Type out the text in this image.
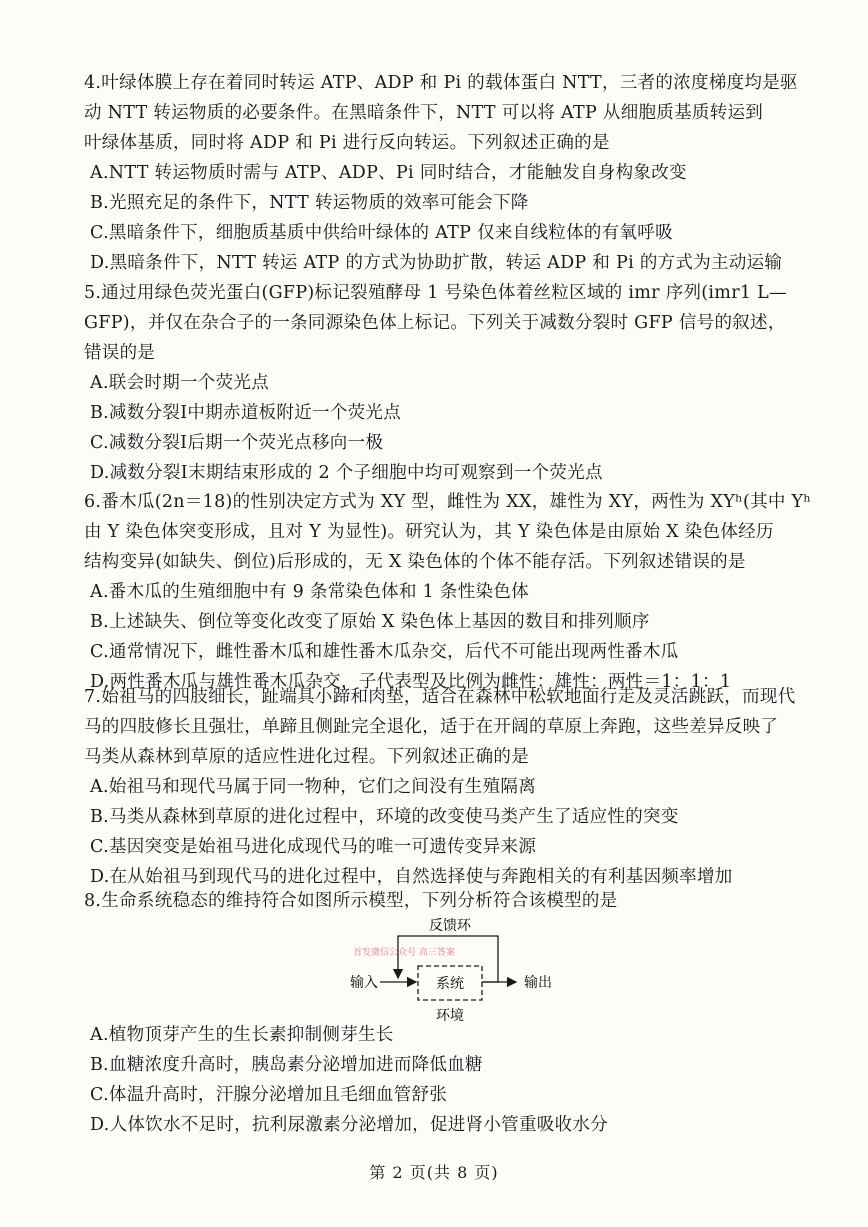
4.叶绿体膜上存在着同时转运 ATP、ADP 和 Pi 的载体蛋白 NTT，三者的浓度梯度均是驱
动 NTT 转运物质的必要条件。在黑暗条件下，NTT 可以将 ATP 从细胞质基质转运到
叶绿体基质，同时将 ADP 和 Pi 进行反向转运。下列叙述正确的是
A.NTT 转运物质时需与 ATP、ADP、Pi 同时结合，才能触发自身构象改变
B.光照充足的条件下，NTT 转运物质的效率可能会下降
C.黑暗条件下，细胞质基质中供给叶绿体的 ATP 仅来自线粒体的有氧呼吸
D.黑暗条件下，NTT 转运 ATP 的方式为协助扩散，转运 ADP 和 Pi 的方式为主动运输
5.通过用绿色荧光蛋白(GFP)标记裂殖酵母 1 号染色体着丝粒区域的 imr 序列(imr1 L—
GFP)，并仅在杂合子的一条同源染色体上标记。下列关于减数分裂时 GFP 信号的叙述，
错误的是
A.联会时期一个荧光点
B.减数分裂Ⅰ中期赤道板附近一个荧光点
C.减数分裂Ⅰ后期一个荧光点移向一极
D.减数分裂Ⅰ末期结束形成的 2 个子细胞中均可观察到一个荧光点
6.番木瓜(2n＝18)的性别决定方式为 XY 型，雌性为 XX，雄性为 XY，两性为 XYʰ(其中 Yʰ
由 Y 染色体突变形成，且对 Y 为显性)。研究认为，其 Y 染色体是由原始 X 染色体经历
结构变异(如缺失、倒位)后形成的，无 X 染色体的个体不能存活。下列叙述错误的是
A.番木瓜的生殖细胞中有 9 条常染色体和 1 条性染色体
B.上述缺失、倒位等变化改变了原始 X 染色体上基因的数目和排列顺序
C.通常情况下，雌性番木瓜和雄性番木瓜杂交，后代不可能出现两性番木瓜
D.两性番木瓜与雄性番木瓜杂交，子代表型及比例为雌性：雄性：两性＝1：1：1
7.始祖马的四肢细长，趾端具小蹄和肉垫，适合在森林中松软地面行走及灵活跳跃，而现代
马的四肢修长且强壮，单蹄且侧趾完全退化，适于在开阔的草原上奔跑，这些差异反映了
马类从森林到草原的适应性进化过程。下列叙述正确的是
A.始祖马和现代马属于同一物种，它们之间没有生殖隔离
B.马类从森林到草原的进化过程中，环境的改变使马类产生了适应性的突变
C.基因突变是始祖马进化成现代马的唯一可遗传变异来源
D.在从始祖马到现代马的进化过程中，自然选择使与奔跑相关的有利基因频率增加
8.生命系统稳态的维持符合如图所示模型，下列分析符合该模型的是
反馈环
首发微信公众号 高三答案
输入	系统	输出
环境
A.植物顶芽产生的生长素抑制侧芽生长
B.血糖浓度升高时，胰岛素分泌增加进而降低血糖
C.体温升高时，汗腺分泌增加且毛细血管舒张
D.人体饮水不足时，抗利尿激素分泌增加，促进肾小管重吸收水分
第 2 页(共 8 页)
